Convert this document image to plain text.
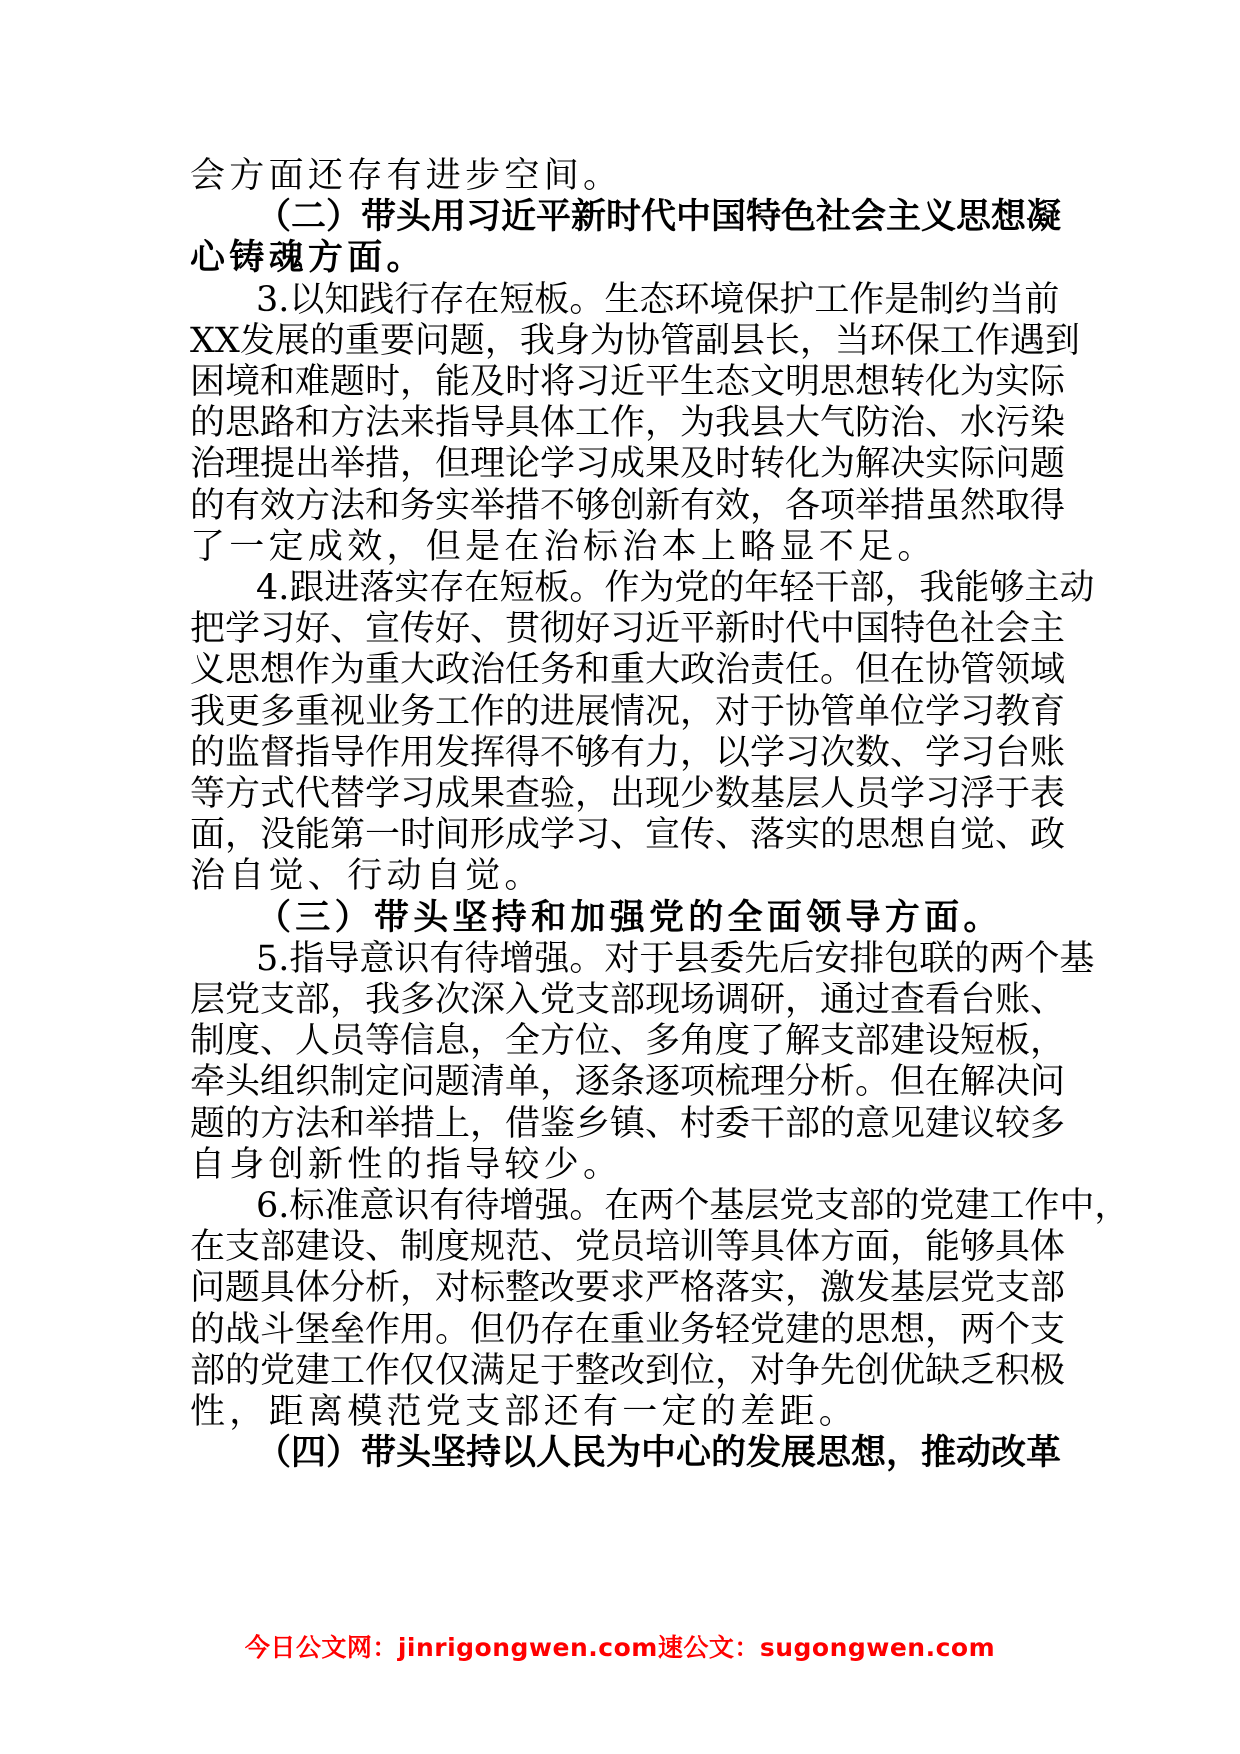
会方面还存有进步空间。
（二）带头用习近平新时代中国特色社会主义思想凝
心铸魂方面。
3.以知践行存在短板。生态环境保护工作是制约当前
XX发展的重要问题，我身为协管副县长，当环保工作遇到
困境和难题时，能及时将习近平生态文明思想转化为实际
的思路和方法来指导具体工作，为我县大气防治、水污染
治理提出举措，但理论学习成果及时转化为解决实际问题
的有效方法和务实举措不够创新有效，各项举措虽然取得
了一定成效，但是在治标治本上略显不足。
4.跟进落实存在短板。作为党的年轻干部，我能够主动
把学习好、宣传好、贯彻好习近平新时代中国特色社会主
义思想作为重大政治任务和重大政治责任。但在协管领域
我更多重视业务工作的进展情况，对于协管单位学习教育
的监督指导作用发挥得不够有力，以学习次数、学习台账
等方式代替学习成果查验，出现少数基层人员学习浮于表
面，没能第一时间形成学习、宣传、落实的思想自觉、政
治自觉、行动自觉。
（三）带头坚持和加强党的全面领导方面。
5.指导意识有待增强。对于县委先后安排包联的两个基
层党支部，我多次深入党支部现场调研，通过查看台账、
制度、人员等信息，全方位、多角度了解支部建设短板，
牵头组织制定问题清单，逐条逐项梳理分析。但在解决问
题的方法和举措上，借鉴乡镇、村委干部的意见建议较多
自身创新性的指导较少。
6.标准意识有待增强。在两个基层党支部的党建工作中，
在支部建设、制度规范、党员培训等具体方面，能够具体
问题具体分析，对标整改要求严格落实，激发基层党支部
的战斗堡垒作用。但仍存在重业务轻党建的思想，两个支
部的党建工作仅仅满足于整改到位，对争先创优缺乏积极
性，距离模范党支部还有一定的差距。
（四）带头坚持以人民为中心的发展思想，推动改革
今日公文网：jinrigongwen.com速公文：sugongwen.com
